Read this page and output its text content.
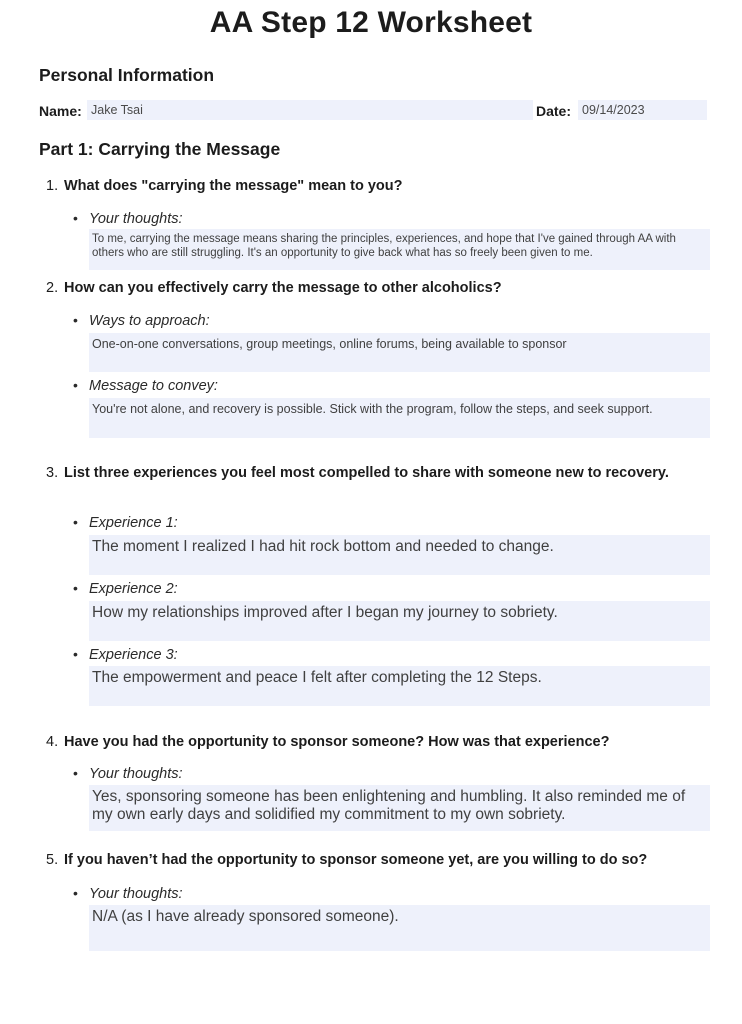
AA Step 12 Worksheet
Personal Information
Name: Jake Tsai	Date: 09/14/2023
Part 1: Carrying the Message
1. What does "carrying the message" mean to you?
• Your thoughts:
To me, carrying the message means sharing the principles, experiences, and hope that I've gained through AA with others who are still struggling. It's an opportunity to give back what has so freely been given to me.
2. How can you effectively carry the message to other alcoholics?
• Ways to approach:
One-on-one conversations, group meetings, online forums, being available to sponsor
• Message to convey:
You're not alone, and recovery is possible. Stick with the program, follow the steps, and seek support.
3. List three experiences you feel most compelled to share with someone new to recovery.
• Experience 1:
The moment I realized I had hit rock bottom and needed to change.
• Experience 2:
How my relationships improved after I began my journey to sobriety.
• Experience 3:
The empowerment and peace I felt after completing the 12 Steps.
4. Have you had the opportunity to sponsor someone? How was that experience?
• Your thoughts:
Yes, sponsoring someone has been enlightening and humbling. It also reminded me of my own early days and solidified my commitment to my own sobriety.
5. If you haven’t had the opportunity to sponsor someone yet, are you willing to do so?
• Your thoughts:
N/A (as I have already sponsored someone).
